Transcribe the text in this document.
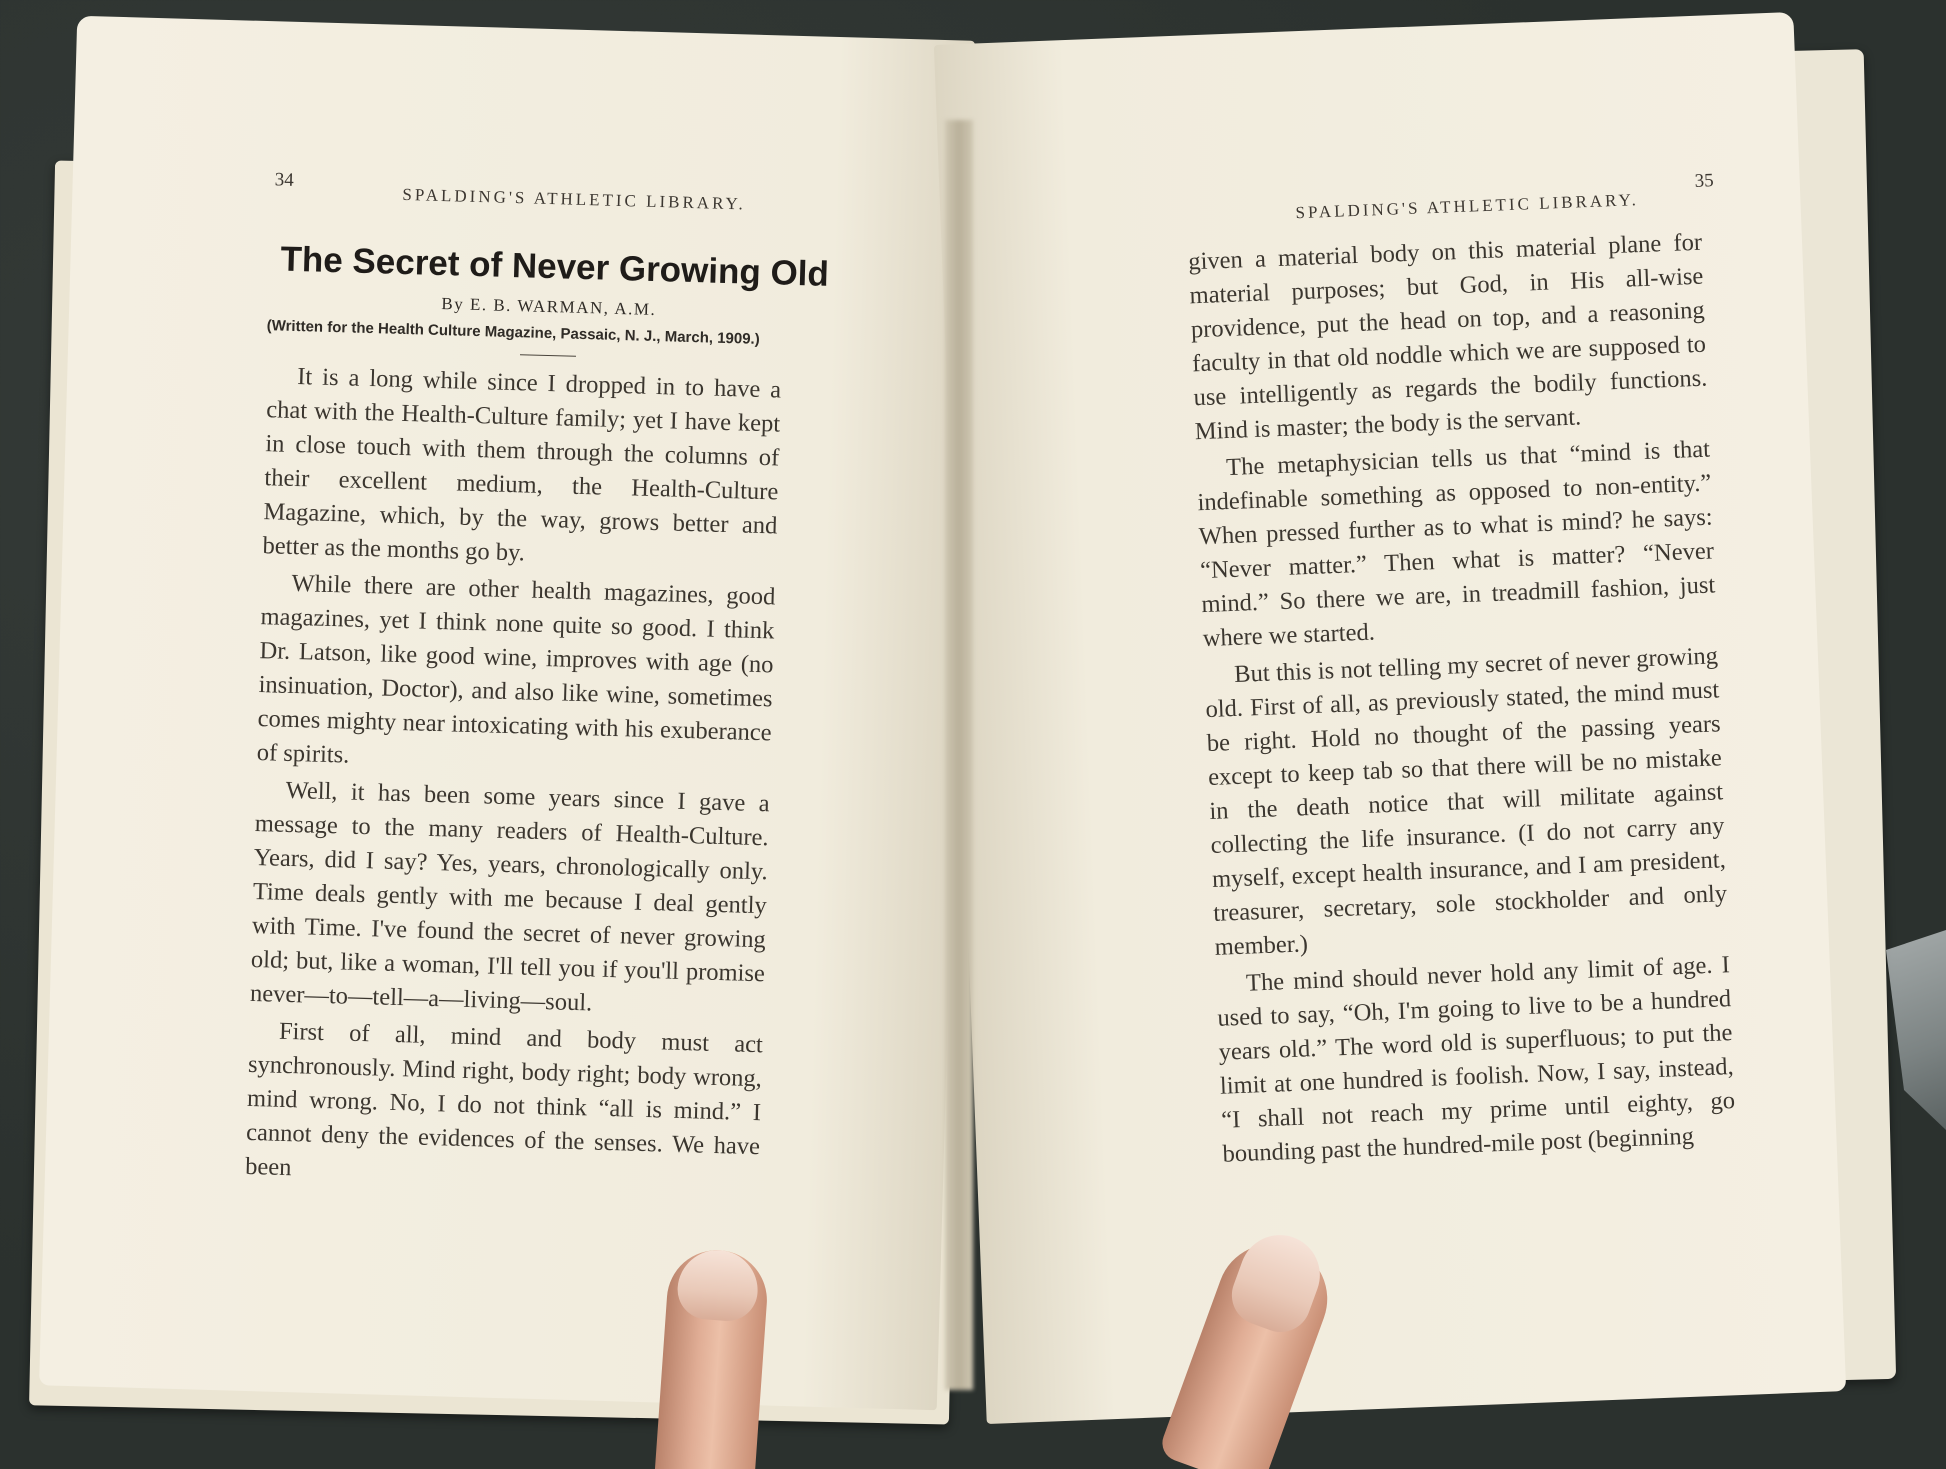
34
SPALDING'S ATHLETIC LIBRARY.
The Secret of Never Growing Old
By E. B. WARMAN, A.M.
(Written for the Health Culture Magazine, Passaic, N. J., March, 1909.)

It is a long while since I dropped in to have a chat with the Health-Culture family; yet I have kept in close touch with them through the columns of their excellent medium, the Health-Culture Magazine, which, by the way, grows better and better as the months go by.

While there are other health magazines, good magazines, yet I think none quite so good. I think Dr. Latson, like good wine, improves with age (no insinuation, Doctor), and also like wine, sometimes comes mighty near intoxicating with his exuberance of spirits.

Well, it has been some years since I gave a message to the many readers of Health-Culture. Years, did I say? Yes, years, chronologically only. Time deals gently with me because I deal gently with Time. I've found the secret of never growing old; but, like a woman, I'll tell you if you'll promise never—to—tell—a—living—soul.

First of all, mind and body must act synchronously. Mind right, body right; body wrong, mind wrong. No, I do not think “all is mind.” I cannot deny the evidences of the senses. We have been

35
SPALDING'S ATHLETIC LIBRARY.

given a material body on this material plane for material purposes; but God, in His all-wise providence, put the head on top, and a reasoning faculty in that old noddle which we are supposed to use intelligently as regards the bodily functions. Mind is master; the body is the servant.

The metaphysician tells us that “mind is that indefinable something as opposed to non-entity.” When pressed further as to what is mind? he says: “Never matter.” Then what is matter? “Never mind.” So there we are, in treadmill fashion, just where we started.

But this is not telling my secret of never growing old. First of all, as previously stated, the mind must be right. Hold no thought of the passing years except to keep tab so that there will be no mistake in the death notice that will militate against collecting the life insurance. (I do not carry any myself, except health insurance, and I am president, treasurer, secretary, sole stockholder and only member.)

The mind should never hold any limit of age. I used to say, “Oh, I'm going to live to be a hundred years old.” The word old is superfluous; to put the limit at one hundred is foolish. Now, I say, instead, “I shall not reach my prime until eighty, go bounding past the hundred-mile post (beginning
